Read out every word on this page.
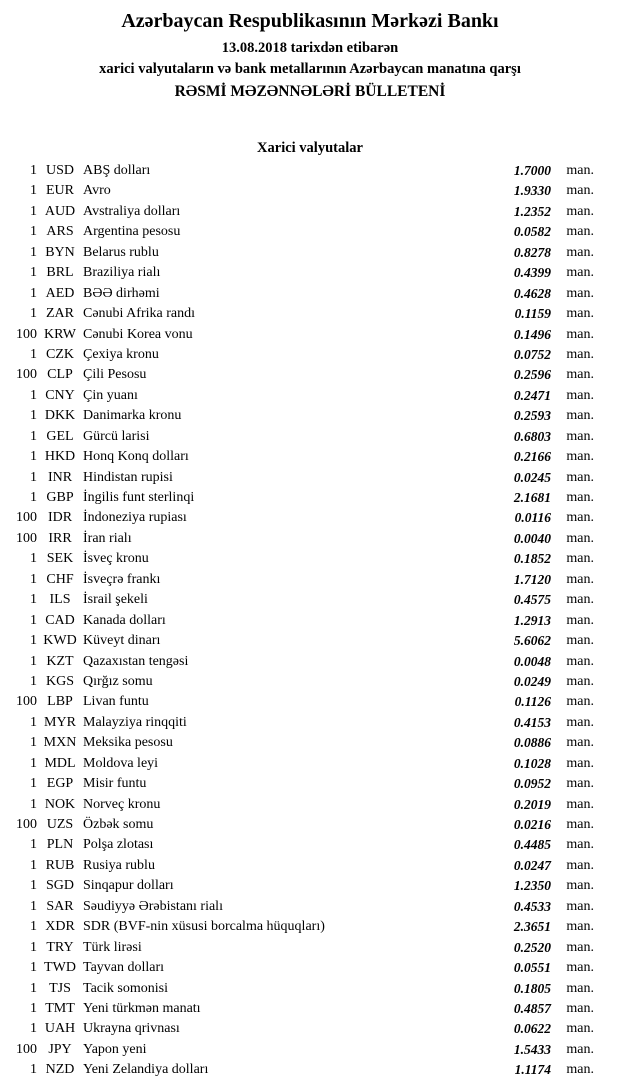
Azərbaycan Respublikasının Mərkəzi Bankı
13.08.2018 tarixdən etibarən
xarici valyutaların və bank metallarının Azərbaycan manatına qarşı
RƏSMİ MƏZƏNNƏLƏRİ BÜLLETENİ
Xarici valyutalar
1 USD ABŞ dolları	1.7000	man.
1 EUR Avro	1.9330	man.
1 AUD Avstraliya dolları	1.2352	man.
1 ARS Argentina pesosu	0.0582	man.
1 BYN Belarus rublu	0.8278	man.
1 BRL Braziliya rialı	0.4399	man.
1 AED BƏƏ dirhəmi	0.4628	man.
1 ZAR Cənubi Afrika randı	0.1159	man.
100 KRW Cənubi Korea vonu	0.1496	man.
1 CZK Çexiya kronu	0.0752	man.
100 CLP Çili Pesosu	0.2596	man.
1 CNY Çin yuanı	0.2471	man.
1 DKK Danimarka kronu	0.2593	man.
1 GEL Gürcü larisi	0.6803	man.
1 HKD Honq Konq dolları	0.2166	man.
1 INR Hindistan rupisi	0.0245	man.
1 GBP İngilis funt sterlinqi	2.1681	man.
100 IDR İndoneziya rupiası	0.0116	man.
100 IRR İran rialı	0.0040	man.
1 SEK İsveç kronu	0.1852	man.
1 CHF İsveçrə frankı	1.7120	man.
1 ILS İsrail şekeli	0.4575	man.
1 CAD Kanada dolları	1.2913	man.
1 KWD Küveyt dinarı	5.6062	man.
1 KZT Qazaxıstan tengəsi	0.0048	man.
1 KGS Qırğız somu	0.0249	man.
100 LBP Livan funtu	0.1126	man.
1 MYR Malayziya rinqqiti	0.4153	man.
1 MXN Meksika pesosu	0.0886	man.
1 MDL Moldova leyi	0.1028	man.
1 EGP Misir funtu	0.0952	man.
1 NOK Norveç kronu	0.2019	man.
100 UZS Özbək somu	0.0216	man.
1 PLN Polşa zlotası	0.4485	man.
1 RUB Rusiya rublu	0.0247	man.
1 SGD Sinqapur dolları	1.2350	man.
1 SAR Səudiyyə Ərəbistanı rialı	0.4533	man.
1 XDR SDR (BVF-nin xüsusi borcalma hüquqları)	2.3651	man.
1 TRY Türk lirəsi	0.2520	man.
1 TWD Tayvan dolları	0.0551	man.
1 TJS Tacik somonisi	0.1805	man.
1 TMT Yeni türkmən manatı	0.4857	man.
1 UAH Ukrayna qrivnası	0.0622	man.
100 JPY Yapon yeni	1.5433	man.
1 NZD Yeni Zelandiya dolları	1.1174	man.
